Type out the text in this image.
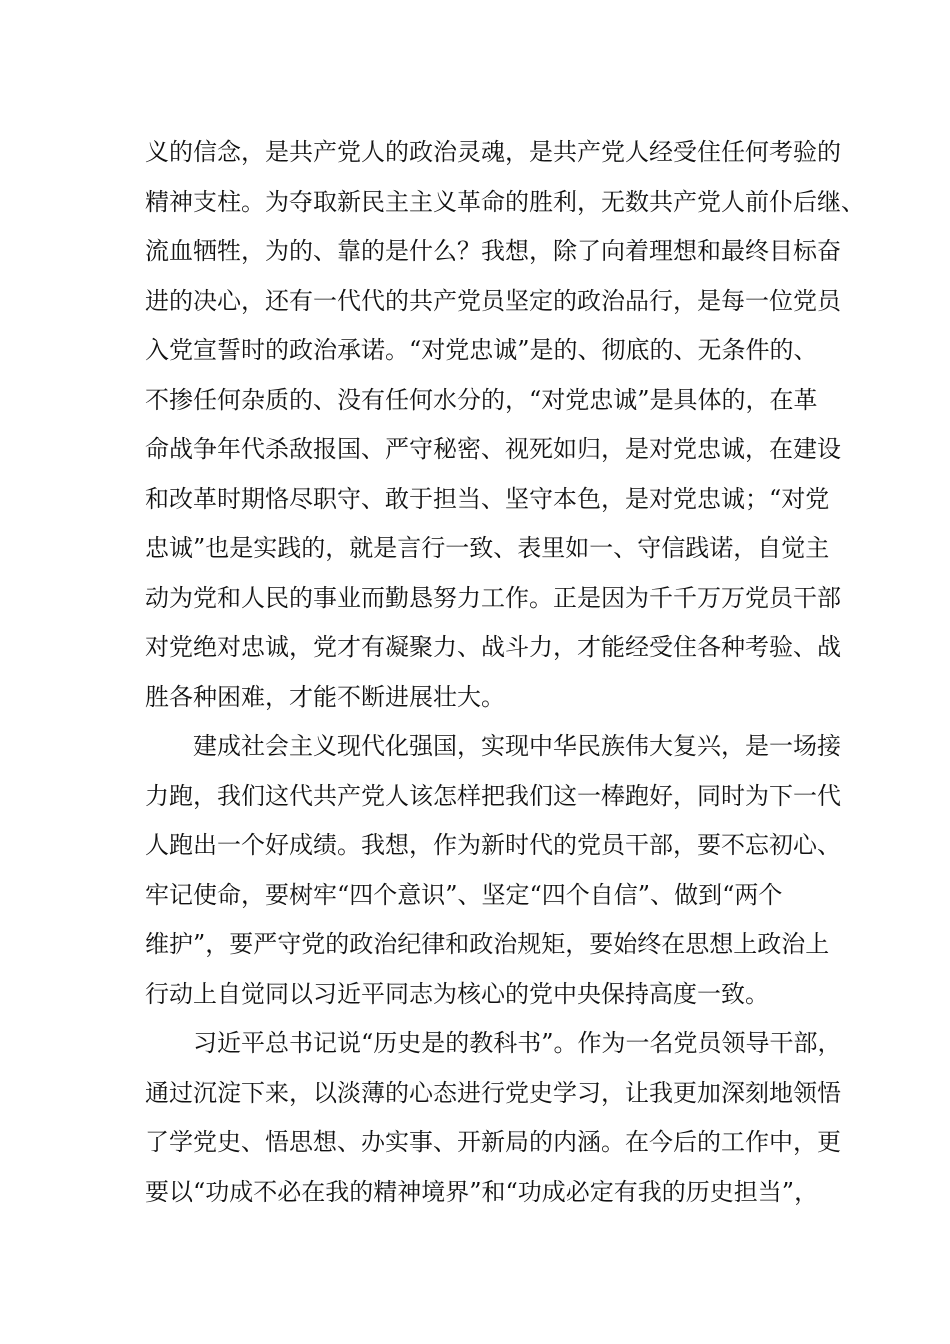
义的信念，是共产党人的政治灵魂，是共产党人经受住任何考验的
精神支柱。为夺取新民主主义革命的胜利，无数共产党人前仆后继、
流血牺牲，为的、靠的是什么？我想，除了向着理想和最终目标奋
进的决心，还有一代代的共产党员坚定的政治品行，是每一位党员
入党宣誓时的政治承诺。“对党忠诚”是的、彻底的、无条件的、
不掺任何杂质的、没有任何水分的，“对党忠诚”是具体的，在革
命战争年代杀敌报国、严守秘密、视死如归，是对党忠诚，在建设
和改革时期恪尽职守、敢于担当、坚守本色，是对党忠诚；“对党
忠诚”也是实践的，就是言行一致、表里如一、守信践诺，自觉主
动为党和人民的事业而勤恳努力工作。正是因为千千万万党员干部
对党绝对忠诚，党才有凝聚力、战斗力，才能经受住各种考验、战
胜各种困难，才能不断进展壮大。
建成社会主义现代化强国，实现中华民族伟大复兴，是一场接
力跑，我们这代共产党人该怎样把我们这一棒跑好，同时为下一代
人跑出一个好成绩。我想，作为新时代的党员干部，要不忘初心、
牢记使命，要树牢“四个意识”、坚定“四个自信”、做到“两个
维护”，要严守党的政治纪律和政治规矩，要始终在思想上政治上
行动上自觉同以习近平同志为核心的党中央保持高度一致。
习近平总书记说“历史是的教科书”。作为一名党员领导干部，
通过沉淀下来，以淡薄的心态进行党史学习，让我更加深刻地领悟
了学党史、悟思想、办实事、开新局的内涵。在今后的工作中，更
要以“功成不必在我的精神境界”和“功成必定有我的历史担当”，
